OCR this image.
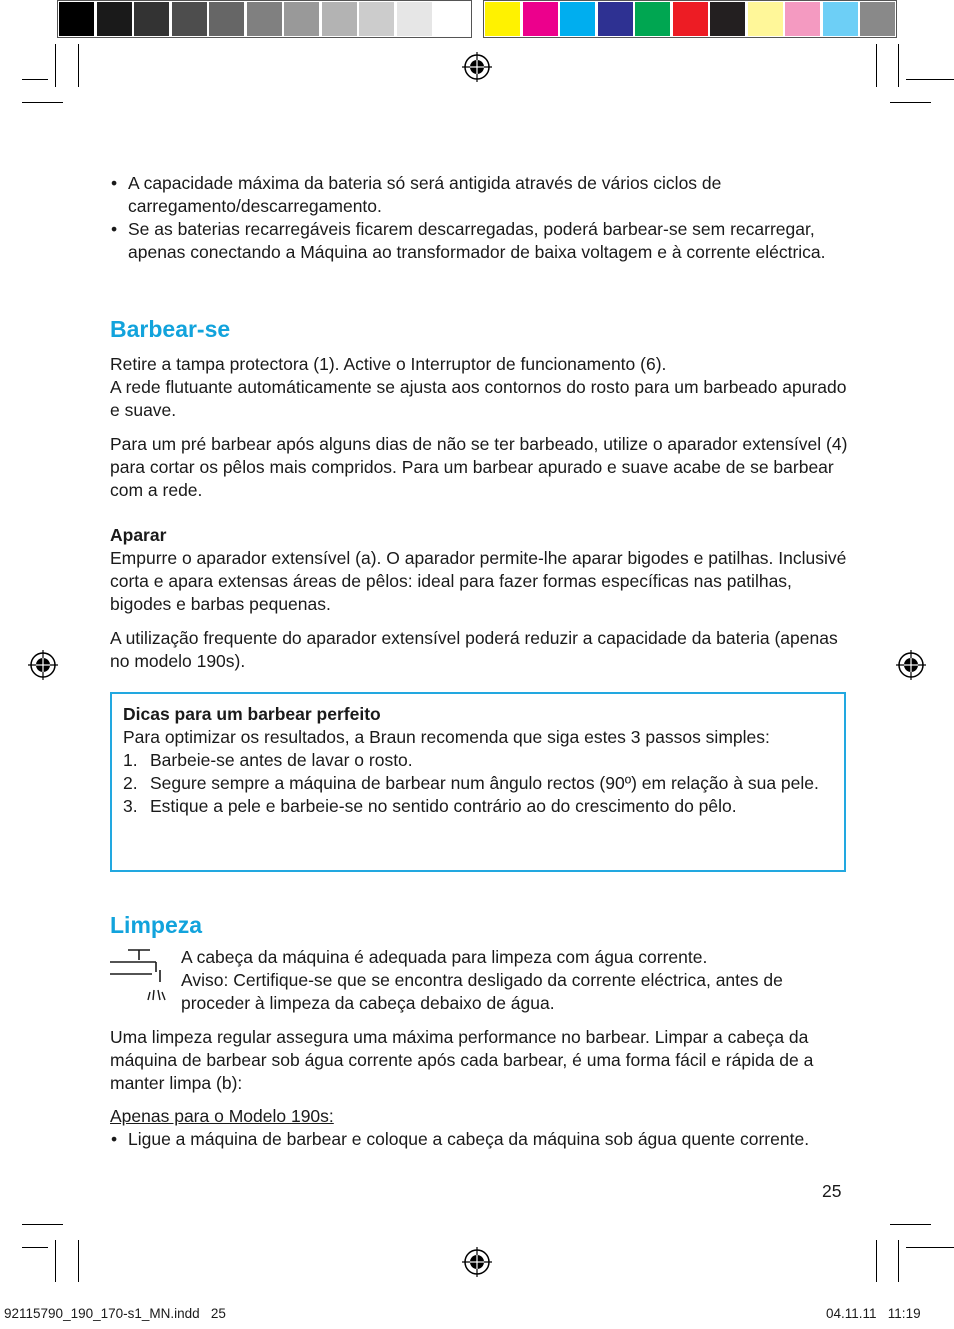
• A capacidade máxima da bateria só será antigida através de vários ciclos de carregamento/descarregamento.
• Se as baterias recarregáveis ficarem descarregadas, poderá barbear-se sem recarregar, apenas conectando a Máquina ao transformador de baixa voltagem e à corrente eléctrica.
Barbear-se

Retire a tampa protectora (1). Active o Interruptor de funcionamento (6).

A rede flutuante automáticamente se ajusta aos contornos do rosto para um barbeado apurado e suave.

Para um pré barbear após alguns dias de não se ter barbeado, utilize o aparador extensível (4) para cortar os pêlos mais compridos. Para um barbear apurado e suave acabe de se barbear com a rede.

Aparar

Empurre o aparador extensível (a). O aparador permite-lhe aparar bigodes e patilhas. Inclusivé corta e apara extensas áreas de pêlos: ideal para fazer formas específicas nas patilhas, bigodes e barbas pequenas.

A utilização frequente do aparador extensível poderá reduzir a capacidade da bateria (apenas no modelo 190s).

Dicas para um barbear perfeito

Para optimizar os resultados, a Braun recomenda que siga estes 3 passos simples:

1. Barbeie-se antes de lavar o rosto.
2. Segure sempre a máquina de barbear num ângulo rectos (90º) em relação à sua pele.
3. Estique a pele e barbeie-se no sentido contrário ao do crescimento do pêlo.
Limpeza

A cabeça da máquina é adequada para limpeza com água corrente.

Aviso: Certifique-se que se encontra desligado da corrente eléctrica, antes de proceder à limpeza da cabeça debaixo de água.

Uma limpeza regular assegura uma máxima performance no barbear. Limpar a cabeça da máquina de barbear sob água corrente após cada barbear, é uma forma fácil e rápida de a manter limpa (b):

Apenas para o Modelo 190s:

• Ligue a máquina de barbear e coloque a cabeça da máquina sob água quente corrente.
25
92115790_190_170-s1_MN.indd   25	04.11.11   11:19
